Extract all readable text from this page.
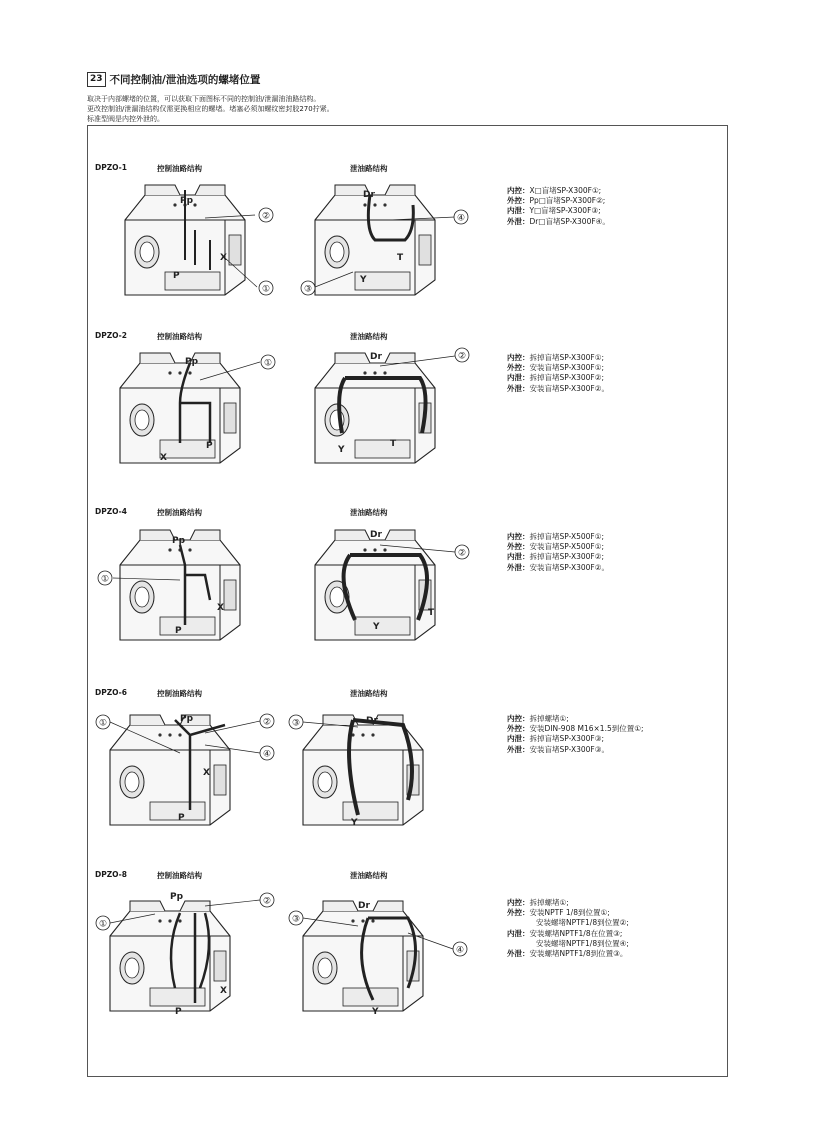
23 不同控制油/泄油选项的螺堵位置
取决于内部螺堵的位置，可以获取下面图标不同的控制油/泄漏油油路结构。
更改控制油/泄漏油结构仅需更换相应的螺堵。堵塞必须加螺纹密封胶270拧紧。
标准型阀是内控外泄的。
DPZO-1	控制油路结构	泄油路结构
Pp
P
X
②
①
Dr
T
Y
④
③
内控：X□盲堵SP-X300F①;
外控：Pp□盲堵SP-X300F②;
内泄：Y□盲堵SP-X300F③;
外泄：Dr□盲堵SP-X300F④。
DPZO-2	控制油路结构	泄油路结构
Pp
X
P
①
Dr
Y
T
②	内控：拆掉盲堵SP-X300F①;
外控：安装盲堵SP-X300F①;
内泄：拆掉盲堵SP-X300F②;
外泄：安装盲堵SP-X300F②。
DPZO-4	控制油路结构	泄油路结构
Pp
X
P
①
Dr
T
Y
②
内控：拆掉盲堵SP-X500F①;
外控：安装盲堵SP-X500F①;
内泄：拆掉盲堵SP-X300F②;
外泄：安装盲堵SP-X300F②。
DPZO-6	控制油路结构	泄油路结构
Pp
X
P
①	②
④
Dr
Y
③	内控：拆掉螺堵①;
外控：安装DIN-908 M16×1.5到位置①;
内泄：拆掉盲堵SP-X300F③;
外泄：安装盲堵SP-X300F③。
DPZO-8	控制油路结构	泄油路结构
Pp
X
P
②
①
Dr
Y
③
④
内控：拆掉螺堵①;
外控：安装NPTF 1/8到位置①;
安装螺堵NPTF1/8到位置②;
内泄：安装螺堵NPTF1/8在位置③;
安装螺堵NPTF1/8到位置④;
外泄：安装螺堵NPTF1/8到位置③。
